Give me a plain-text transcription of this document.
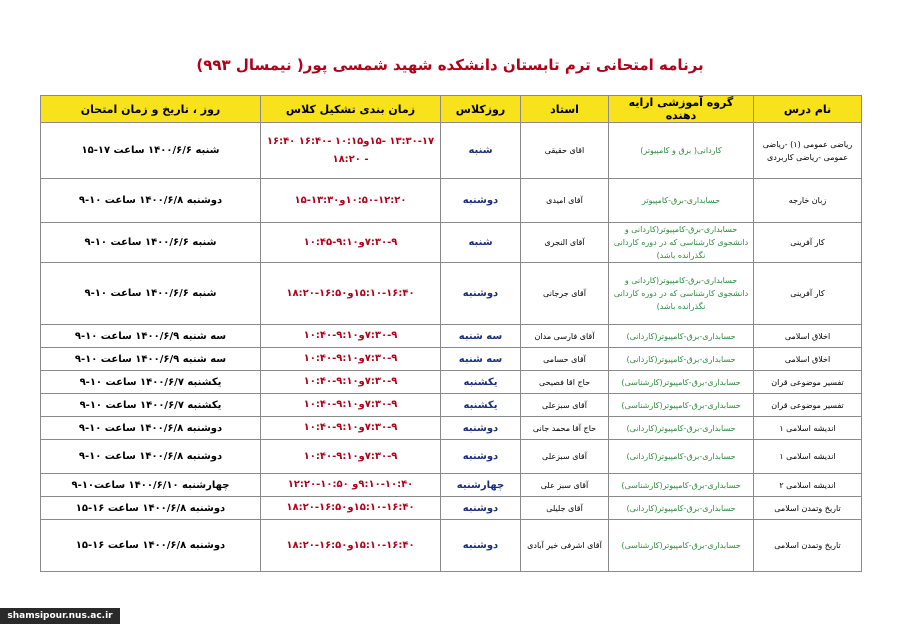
برنامه امتحانی ترم تابستان دانشکده شهید شمسی پور( نیمسال ۹۹۳)
نام درس	گروه آموزشی ارایه دهنده	استاد	روزکلاس	زمان بندی تشکیل کلاس	روز ، تاریخ و زمان امتحان
ریاضی عمومی (۱) -ریاضی عمومی -ریاضی کاربردی	کاردانی( برق و کامپیوتر)	اقای حقیقی	شنبه	۱۳:۳۰-۱۷ -۱۵و۱۰:۱۵ -۱۶:۴۰ ۱۶:۴۰ - ۱۸:۲۰	شنبه ۱۴۰۰/۶/۶ ساعت ۱۷-۱۵
زبان خارجه	حسابداری-برق-کامپیوتر	آقای امیدی	دوشنبه	۱۰:۵۰-۱۲:۲۰و۱۳:۳۰-۱۵	دوشنبه ۱۴۰۰/۶/۸ ساعت ۱۰-۹
کار آفرینی	حسابداری-برق-کامپیوتر(کاردانی و دانشجوی کارشناسی که در دوره کاردانی نگذرانده باشد)	آقای النجری	شنبه	۷:۳۰-۹و۹:۱۰-۱۰:۴۵	شنبه ۱۴۰۰/۶/۶ ساعت ۱۰-۹
کار آفرینی	حسابداری-برق-کامپیوتر(کاردانی و دانشجوی کارشناسی که در دوره کاردانی نگذرانده باشد)	آقای جرجانی	دوشنبه	۱۵:۱۰-۱۶:۴۰و۱۶:۵۰-۱۸:۲۰	شنبه ۱۴۰۰/۶/۶ ساعت ۱۰-۹
اخلاق اسلامی	حسابداری-برق-کامپیوتر(کاردانی)	آقای فارسی مدان	سه شنبه	۷:۳۰-۹و۹:۱۰-۱۰:۴۰	سه شنبه ۱۴۰۰/۶/۹ ساعت ۱۰-۹
اخلاق اسلامی	حسابداری-برق-کامپیوتر(کاردانی)	آقای حسامی	سه شنبه	۷:۳۰-۹و۹:۱۰-۱۰:۴۰	سه شنبه ۱۴۰۰/۶/۹ ساعت ۱۰-۹
تفسیر موضوعی قران	حسابداری-برق-کامپیوتر(کارشناسی)	حاج اقا فصیحی	یکشنبه	۷:۳۰-۹و۹:۱۰-۱۰:۴۰	یکشنبه ۱۴۰۰/۶/۷ ساعت ۱۰-۹
تفسیر موضوعی قران	حسابداری-برق-کامپیوتر(کارشناسی)	آقای سبزعلی	یکشنبه	۷:۳۰-۹و۹:۱۰-۱۰:۴۰	یکشنبه ۱۴۰۰/۶/۷ ساعت ۱۰-۹
اندیشه اسلامی ۱	حسابداری-برق-کامپیوتر(کاردانی)	حاج آقا محمد جانی	دوشنبه	۷:۳۰-۹و۹:۱۰-۱۰:۴۰	دوشنبه ۱۴۰۰/۶/۸ ساعت ۱۰-۹
اندیشه اسلامی ۱	حسابداری-برق-کامپیوتر(کاردانی)	آقای سبزعلی	دوشنبه	۷:۳۰-۹و۹:۱۰-۱۰:۴۰	دوشنبه ۱۴۰۰/۶/۸ ساعت ۱۰-۹
اندیشه اسلامی ۲	حسابداری-برق-کامپیوتر(کارشناسی)	آقای سبز علی	چهارشنبه	۹:۱۰-۱۰:۴۰و ۱۰:۵۰-۱۲:۲۰	چهارشنبه ۱۴۰۰/۶/۱۰ ساعت۱۰-۹
تاریخ وتمدن اسلامی	حسابداری-برق-کامپیوتر(کاردانی)	آقای جلیلی	دوشنبه	۱۵:۱۰-۱۶:۴۰و۱۶:۵۰-۱۸:۲۰	دوشنبه ۱۴۰۰/۶/۸ ساعت ۱۶-۱۵
تاریخ وتمدن اسلامی	حسابداری-برق-کامپیوتر(کارشناسی)	آقای اشرفی خیر آبادی	دوشنبه	۱۵:۱۰-۱۶:۴۰و۱۶:۵۰-۱۸:۲۰	دوشنبه ۱۴۰۰/۶/۸ ساعت ۱۶-۱۵
shamsipour.nus.ac.ir
